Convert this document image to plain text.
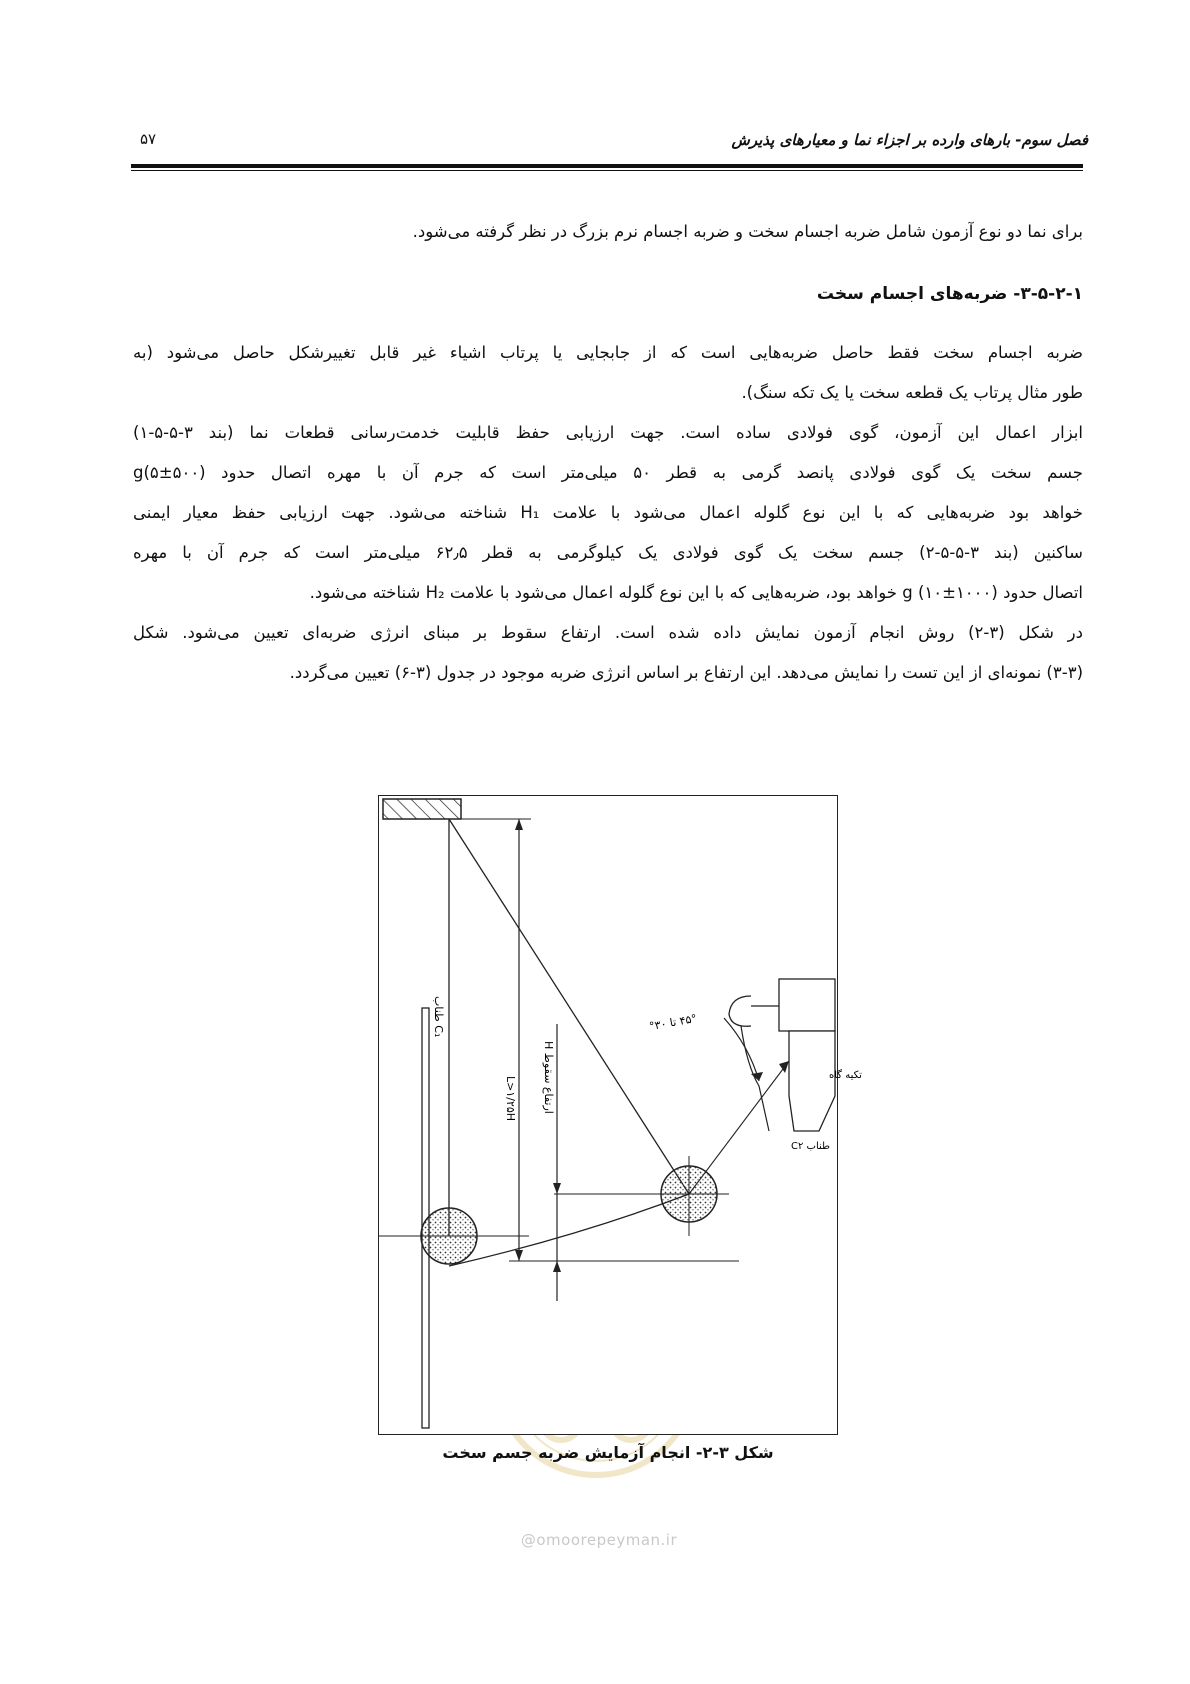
فصل سوم- بارهای وارده بر اجزاء نما و معیارهای پذیرش
۵۷
برای نما دو نوع آزمون شامل ضربه اجسام سخت و ضربه اجسام نرم بزرگ در نظر گرفته می‌شود.
۳-۵-۲-۱- ضربه‌های اجسام سخت
ضربه اجسام سخت فقط حاصل ضربه‌هایی است که از جابجایی یا پرتاب اشیاء غیر قابل تغییرشکل حاصل می‌شود (به
طور مثال پرتاب یک قطعه سخت یا یک تکه سنگ).
ابزار اعمال این آزمون، گوی فولادی ساده است. جهت ارزیابی حفظ قابلیت خدمت‌رسانی قطعات نما (بند ۳-۵-۵-۱)
جسم سخت یک گوی فولادی پانصد گرمی به قطر ۵۰ میلی‌متر است که جرم آن با مهره اتصال حدود g(۵±۵۰۰)
خواهد بود ضربه‌هایی که با این نوع گلوله اعمال می‌شود با علامت H₁ شناخته می‌شود. جهت ارزیابی حفظ معیار ایمنی
ساکنین (بند ۳-۵-۵-۲) جسم سخت یک گوی فولادی یک کیلوگرمی به قطر ۶۲٫۵ میلی‌متر است که جرم آن با مهره
اتصال حدود g (۱۰±۱۰۰۰) خواهد بود، ضربه‌هایی که با این نوع گلوله اعمال می‌شود با علامت H₂ شناخته می‌شود.
در شکل (۳-۲) روش انجام آزمون نمایش داده شده است. ارتفاع سقوط بر مبنای انرژی ضربه‌ای تعیین می‌شود. شکل
(۳-۳) نمونه‌ای از این تست را نمایش می‌دهد. این ارتفاع بر اساس انرژی ضربه موجود در جدول (۳-۶) تعیین می‌گردد.
L>۱/۲۵H
H ارتفاع سقوط
طناب C₁	۴۵° تا ۳۰°
تکیه گاه
طناب C۲
شکل ۳-۲- انجام آزمایش ضربه جسم سخت
@omoorepeyman.ir
